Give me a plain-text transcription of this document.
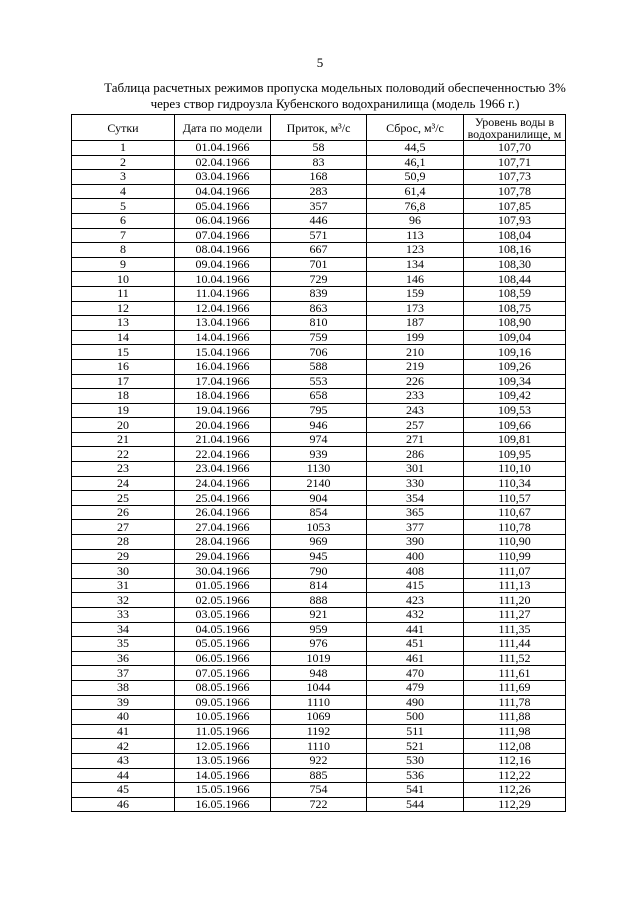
5
Таблица расчетных режимов пропуска модельных половодий обеспеченностью 3%
через створ гидроузла Кубенского водохранилища (модель 1966 г.)
Сутки	Дата по модели	Приток, м³/с	Сброс, м³/с	Уровень воды в водохранилище, м
1	01.04.1966	58	44,5	107,70
2	02.04.1966	83	46,1	107,71
3	03.04.1966	168	50,9	107,73
4	04.04.1966	283	61,4	107,78
5	05.04.1966	357	76,8	107,85
6	06.04.1966	446	96	107,93
7	07.04.1966	571	113	108,04
8	08.04.1966	667	123	108,16
9	09.04.1966	701	134	108,30
10	10.04.1966	729	146	108,44
11	11.04.1966	839	159	108,59
12	12.04.1966	863	173	108,75
13	13.04.1966	810	187	108,90
14	14.04.1966	759	199	109,04
15	15.04.1966	706	210	109,16
16	16.04.1966	588	219	109,26
17	17.04.1966	553	226	109,34
18	18.04.1966	658	233	109,42
19	19.04.1966	795	243	109,53
20	20.04.1966	946	257	109,66
21	21.04.1966	974	271	109,81
22	22.04.1966	939	286	109,95
23	23.04.1966	1130	301	110,10
24	24.04.1966	2140	330	110,34
25	25.04.1966	904	354	110,57
26	26.04.1966	854	365	110,67
27	27.04.1966	1053	377	110,78
28	28.04.1966	969	390	110,90
29	29.04.1966	945	400	110,99
30	30.04.1966	790	408	111,07
31	01.05.1966	814	415	111,13
32	02.05.1966	888	423	111,20
33	03.05.1966	921	432	111,27
34	04.05.1966	959	441	111,35
35	05.05.1966	976	451	111,44
36	06.05.1966	1019	461	111,52
37	07.05.1966	948	470	111,61
38	08.05.1966	1044	479	111,69
39	09.05.1966	1110	490	111,78
40	10.05.1966	1069	500	111,88
41	11.05.1966	1192	511	111,98
42	12.05.1966	1110	521	112,08
43	13.05.1966	922	530	112,16
44	14.05.1966	885	536	112,22
45	15.05.1966	754	541	112,26
46	16.05.1966	722	544	112,29
